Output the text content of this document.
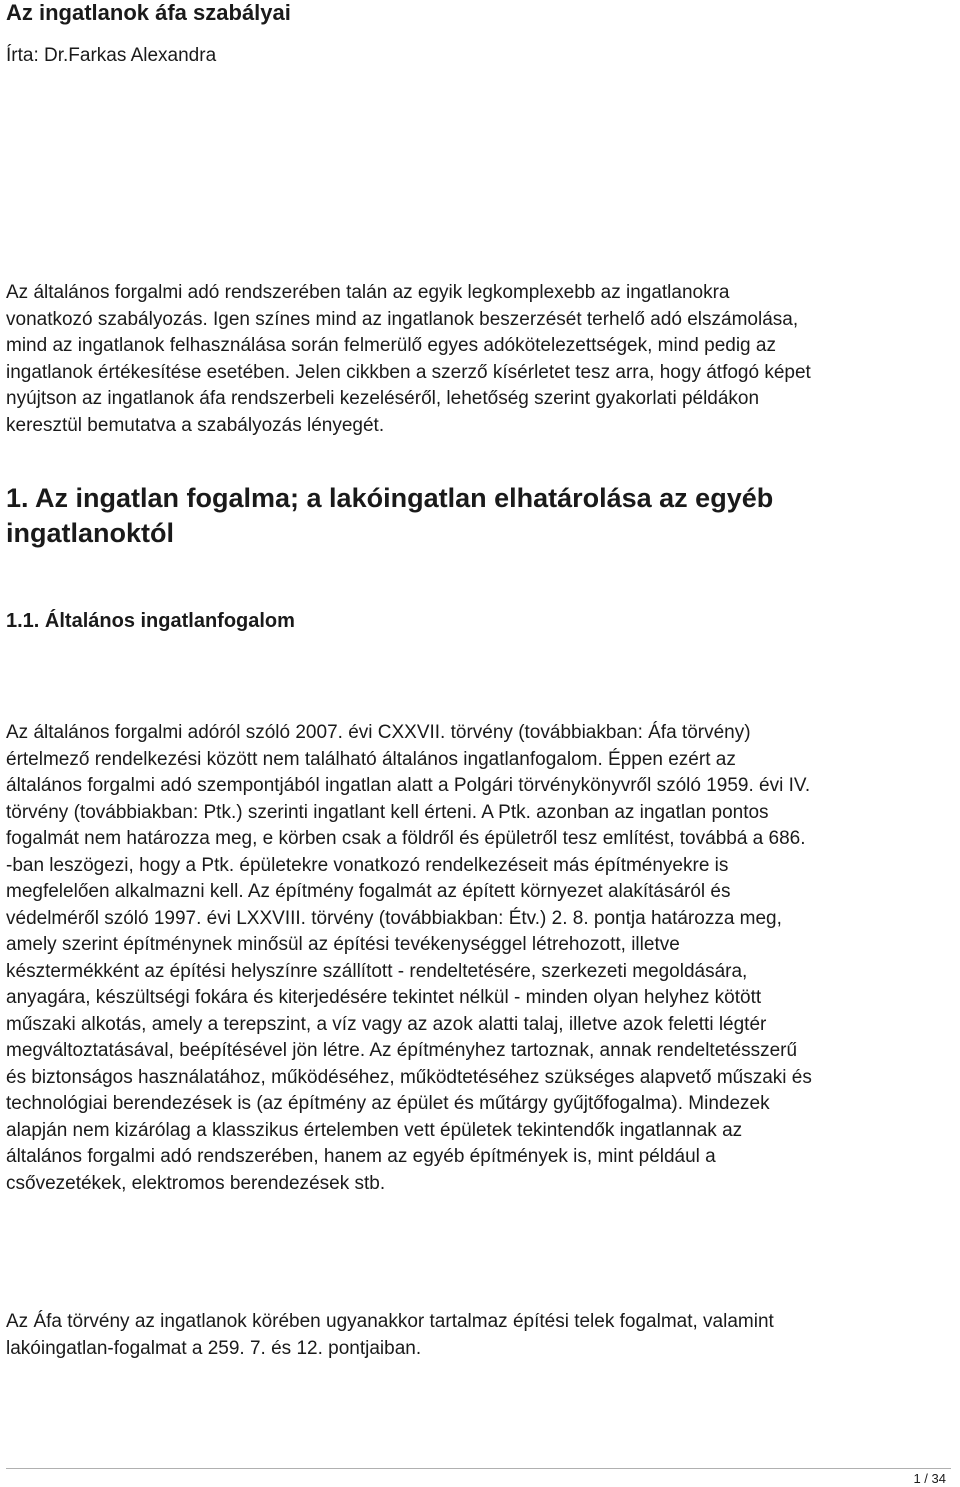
Az ingatlanok áfa szabályai
Írta: Dr.Farkas Alexandra

Az általános forgalmi adó rendszerében talán az egyik legkomplexebb az ingatlanokra
vonatkozó szabályozás. Igen színes mind az ingatlanok beszerzését terhelő adó elszámolása,
mind az ingatlanok felhasználása során felmerülő egyes adókötelezettségek, mind pedig az
ingatlanok értékesítése esetében. Jelen cikkben a szerző kísérletet tesz arra, hogy átfogó képet
nyújtson az ingatlanok áfa rendszerbeli kezeléséről, lehetőség szerint gyakorlati példákon
keresztül bemutatva a szabályozás lényegét.

1. Az ingatlan fogalma; a lakóingatlan elhatárolása az egyéb
ingatlanoktól
1.1. Általános ingatlanfogalom

Az általános forgalmi adóról szóló 2007. évi CXXVII. törvény (továbbiakban: Áfa törvény)
értelmező rendelkezési között nem található általános ingatlanfogalom. Éppen ezért az
általános forgalmi adó szempontjából ingatlan alatt a Polgári törvénykönyvről szóló 1959. évi IV.
törvény (továbbiakban: Ptk.) szerinti ingatlant kell érteni. A Ptk. azonban az ingatlan pontos
fogalmát nem határozza meg, e körben csak a földről és épületről tesz említést, továbbá a 686.
-ban leszögezi, hogy a Ptk. épületekre vonatkozó rendelkezéseit más építményekre is
megfelelően alkalmazni kell. Az építmény fogalmát az épített környezet alakításáról és
védelméről szóló 1997. évi LXXVIII. törvény (továbbiakban: Étv.) 2. 8. pontja határozza meg,
amely szerint építménynek minősül az építési tevékenységgel létrehozott, illetve
késztermékként az építési helyszínre szállított - rendeltetésére, szerkezeti megoldására,
anyagára, készültségi fokára és kiterjedésére tekintet nélkül - minden olyan helyhez kötött
műszaki alkotás, amely a terepszint, a víz vagy az azok alatti talaj, illetve azok feletti légtér
megváltoztatásával, beépítésével jön létre. Az építményhez tartoznak, annak rendeltetésszerű
és biztonságos használatához, működéséhez, működtetéséhez szükséges alapvető műszaki és
technológiai berendezések is (az építmény az épület és műtárgy gyűjtőfogalma). Mindezek
alapján nem kizárólag a klasszikus értelemben vett épületek tekintendők ingatlannak az
általános forgalmi adó rendszerében, hanem az egyéb építmények is, mint például a
csővezetékek, elektromos berendezések stb.

Az Áfa törvény az ingatlanok körében ugyanakkor tartalmaz építési telek fogalmat, valamint
lakóingatlan-fogalmat a 259. 7. és 12. pontjaiban.

1 / 34
